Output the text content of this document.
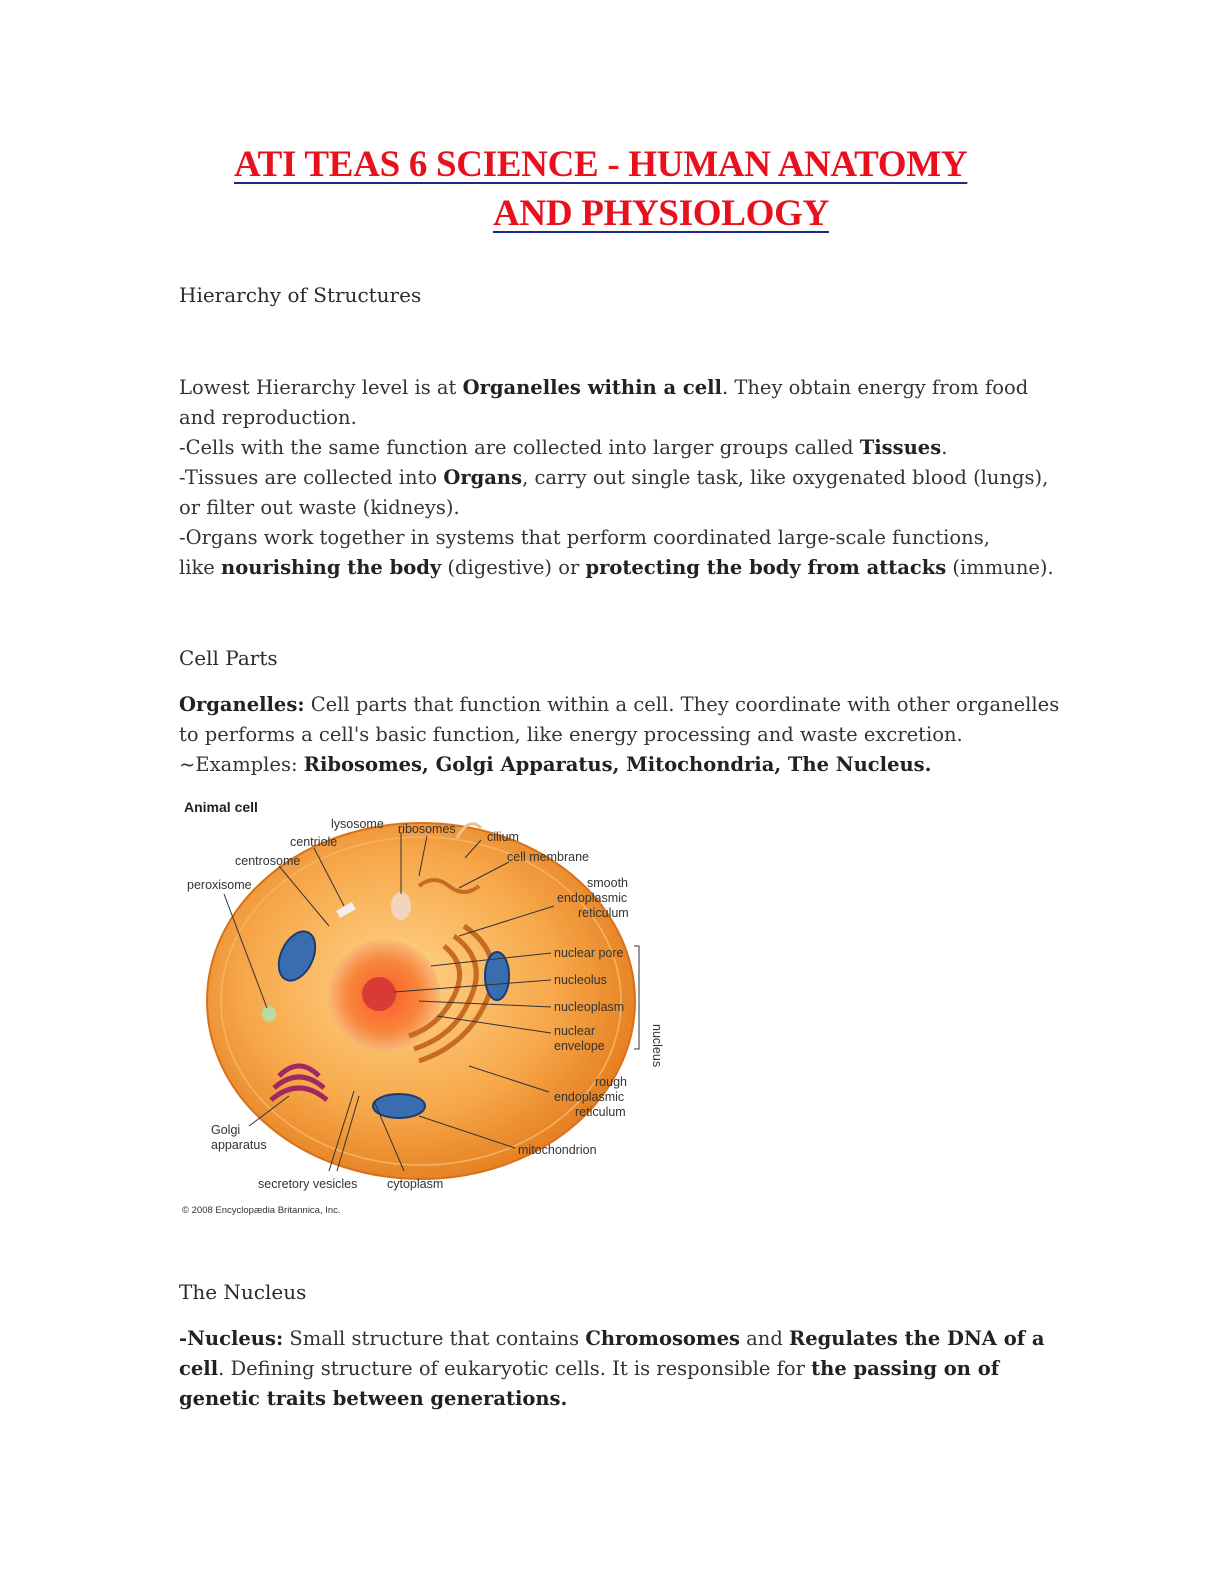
ATI TEAS 6 SCIENCE - HUMAN ANATOMY
AND PHYSIOLOGY
Hierarchy of Structures
Lowest Hierarchy level is at Organelles within a cell. They obtain energy from food
and reproduction.
-Cells with the same function are collected into larger groups called Tissues.
-Tissues are collected into Organs, carry out single task, like oxygenated blood (lungs),
or filter out waste (kidneys).
-Organs work together in systems that perform coordinated large-scale functions,
like nourishing the body (digestive) or protecting the body from attacks (immune).
Cell Parts
Organelles: Cell parts that function within a cell. They coordinate with other organelles
to performs a cell's basic function, like energy processing and waste excretion.
~Examples: Ribosomes, Golgi Apparatus, Mitochondria, The Nucleus.
Animal cell
lysosome ribosomes
cilium
centriole
cell membrane
centrosome
smooth
endoplasmic
reticulum
peroxisome
nuclear pore
nucleolus
nucleoplasm
nuclear
envelope	nucleus
rough
endoplasmic
reticulum
Golgi
apparatus	mitochondrion
secretory vesicles cytoplasm
© 2008 Encyclopædia Britannica, Inc.
The Nucleus
-Nucleus: Small structure that contains Chromosomes and Regulates the DNA of a
cell. Defining structure of eukaryotic cells. It is responsible for the passing on of
genetic traits between generations.
